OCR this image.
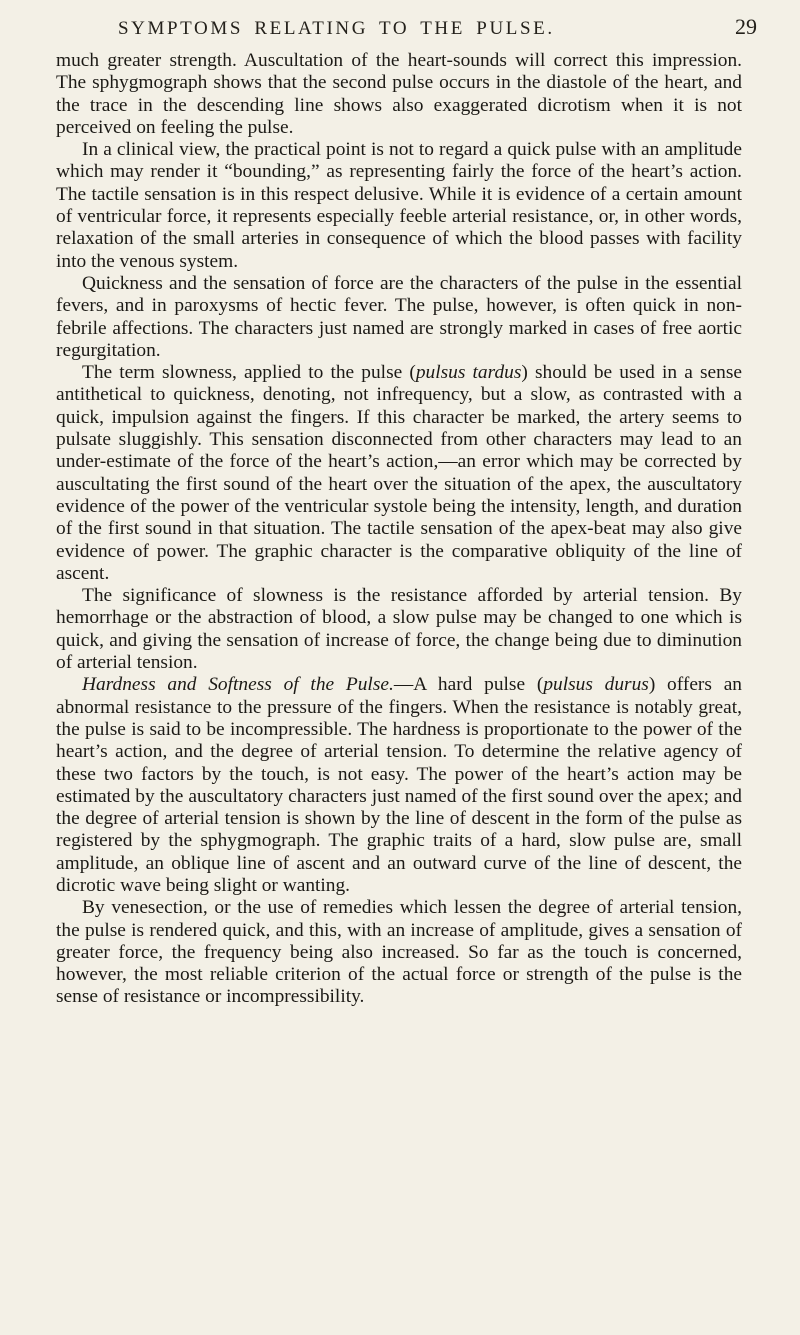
SYMPTOMS RELATING TO THE PULSE.	29

much greater strength. Auscultation of the heart-sounds will correct this impression. The sphygmograph shows that the second pulse occurs in the diastole of the heart, and the trace in the descending line shows also exaggerated dicrotism when it is not perceived on feeling the pulse.

In a clinical view, the practical point is not to regard a quick pulse with an amplitude which may render it “bounding,” as representing fairly the force of the heart’s action. The tactile sensation is in this respect delusive. While it is evidence of a certain amount of ventricular force, it represents especially feeble arterial resistance, or, in other words, relaxation of the small arteries in consequence of which the blood passes with facility into the venous system.

Quickness and the sensation of force are the characters of the pulse in the essential fevers, and in paroxysms of hectic fever. The pulse, however, is often quick in non-febrile affections. The characters just named are strongly marked in cases of free aortic regurgitation.

The term slowness, applied to the pulse (pulsus tardus) should be used in a sense antithetical to quickness, denoting, not infrequency, but a slow, as contrasted with a quick, impulsion against the fingers. If this character be marked, the artery seems to pulsate sluggishly. This sensation disconnected from other characters may lead to an under-estimate of the force of the heart’s action,—an error which may be corrected by auscultating the first sound of the heart over the situation of the apex, the auscultatory evidence of the power of the ventricular systole being the intensity, length, and duration of the first sound in that situation. The tactile sensation of the apex-beat may also give evidence of power. The graphic character is the comparative obliquity of the line of ascent.

The significance of slowness is the resistance afforded by arterial tension. By hemorrhage or the abstraction of blood, a slow pulse may be changed to one which is quick, and giving the sensation of increase of force, the change being due to diminution of arterial tension.

Hardness and Softness of the Pulse.—A hard pulse (pulsus durus) offers an abnormal resistance to the pressure of the fingers. When the resistance is notably great, the pulse is said to be incompressible. The hardness is proportionate to the power of the heart’s action, and the degree of arterial tension. To determine the relative agency of these two factors by the touch, is not easy. The power of the heart’s action may be estimated by the auscultatory characters just named of the first sound over the apex; and the degree of arterial tension is shown by the line of descent in the form of the pulse as registered by the sphygmograph. The graphic traits of a hard, slow pulse are, small amplitude, an oblique line of ascent and an outward curve of the line of descent, the dicrotic wave being slight or wanting.

By venesection, or the use of remedies which lessen the degree of arterial tension, the pulse is rendered quick, and this, with an increase of amplitude, gives a sensation of greater force, the frequency being also increased. So far as the touch is concerned, however, the most reliable criterion of the actual force or strength of the pulse is the sense of resistance or incompressibility.
